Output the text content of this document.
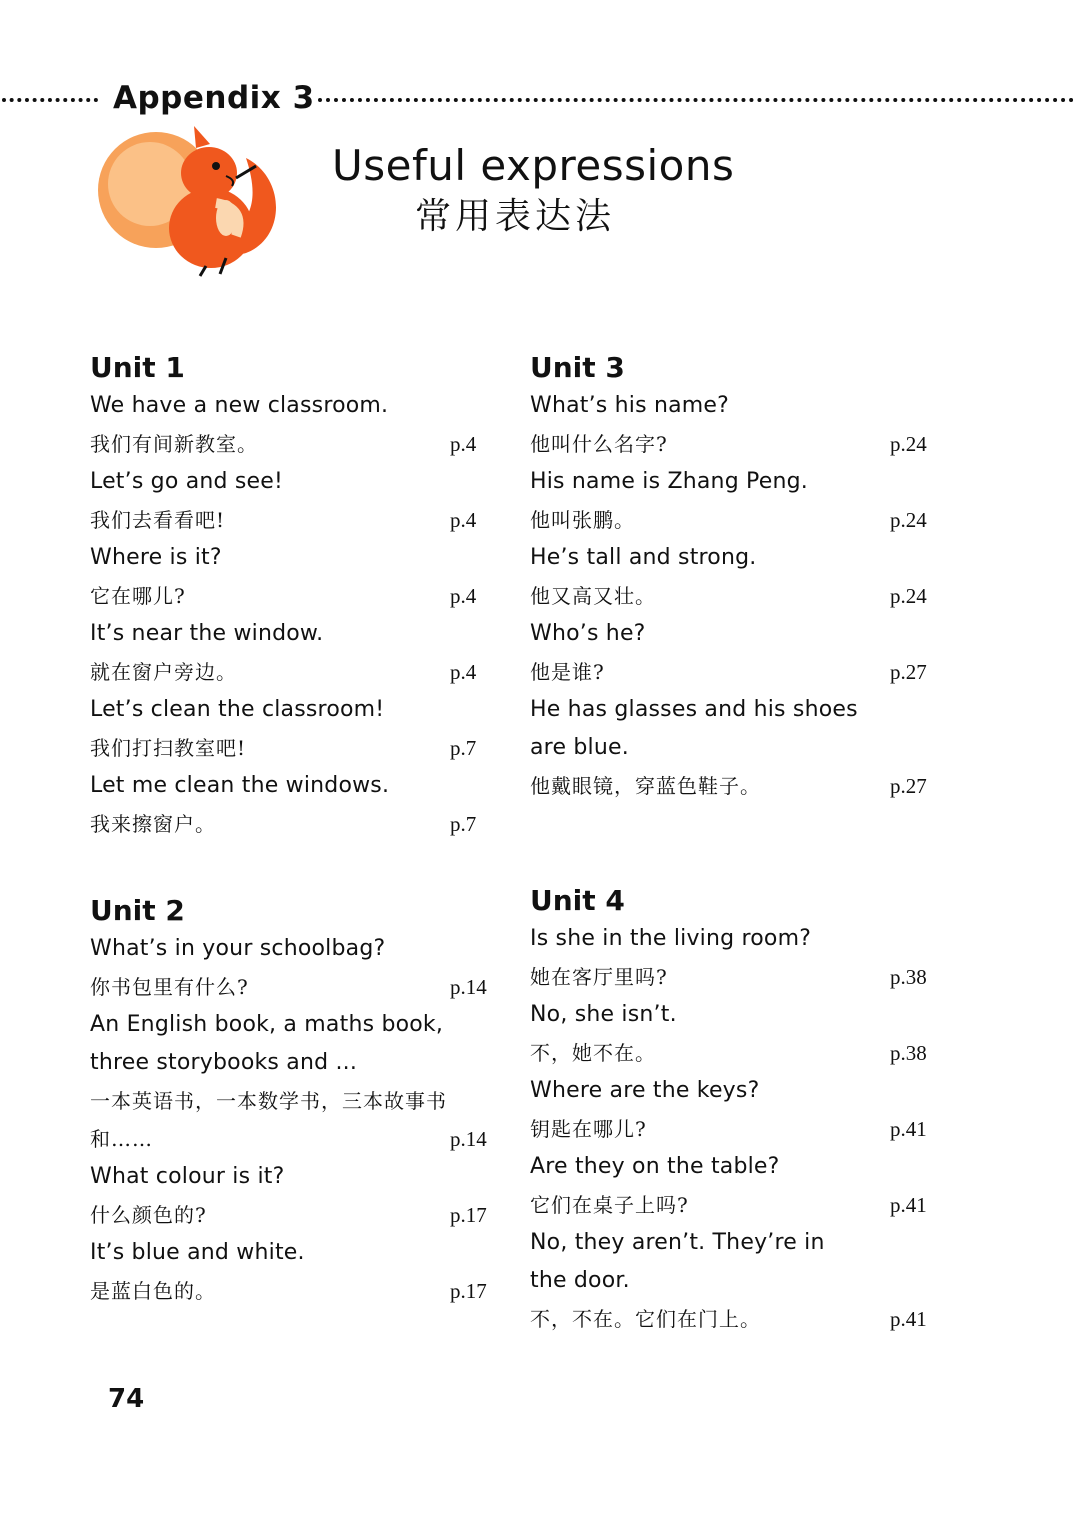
Appendix 3
Useful expressions
常用表达法
Unit 1
We have a new classroom.
我们有间新教室。	p.4
Let’s go and see!
我们去看看吧!	p.4
Where is it?
它在哪儿?	p.4
It’s near the window.
就在窗户旁边。	p.4
Let’s clean the classroom!
我们打扫教室吧!	p.7
Let me clean the windows.
我来擦窗户。	p.7
Unit 2
What’s in your schoolbag?
你书包里有什么?	p.14
An English book, a maths book,
three storybooks and ...
一本英语书，一本数学书，三本故事书
和……	p.14
What colour is it?
什么颜色的?	p.17
It’s blue and white.
是蓝白色的。	p.17
Unit 3
What’s his name?
他叫什么名字?	p.24
His name is Zhang Peng.
他叫张鹏。	p.24
He’s tall and strong.
他又高又壮。	p.24
Who’s he?
他是谁?	p.27
He has glasses and his shoes
are blue.
他戴眼镜，穿蓝色鞋子。	p.27
Unit 4
Is she in the living room?
她在客厅里吗?	p.38
No, she isn’t.
不，她不在。	p.38
Where are the keys?
钥匙在哪儿?	p.41
Are they on the table?
它们在桌子上吗?	p.41
No, they aren’t. They’re in
the door.
不，不在。它们在门上。	p.41
74
